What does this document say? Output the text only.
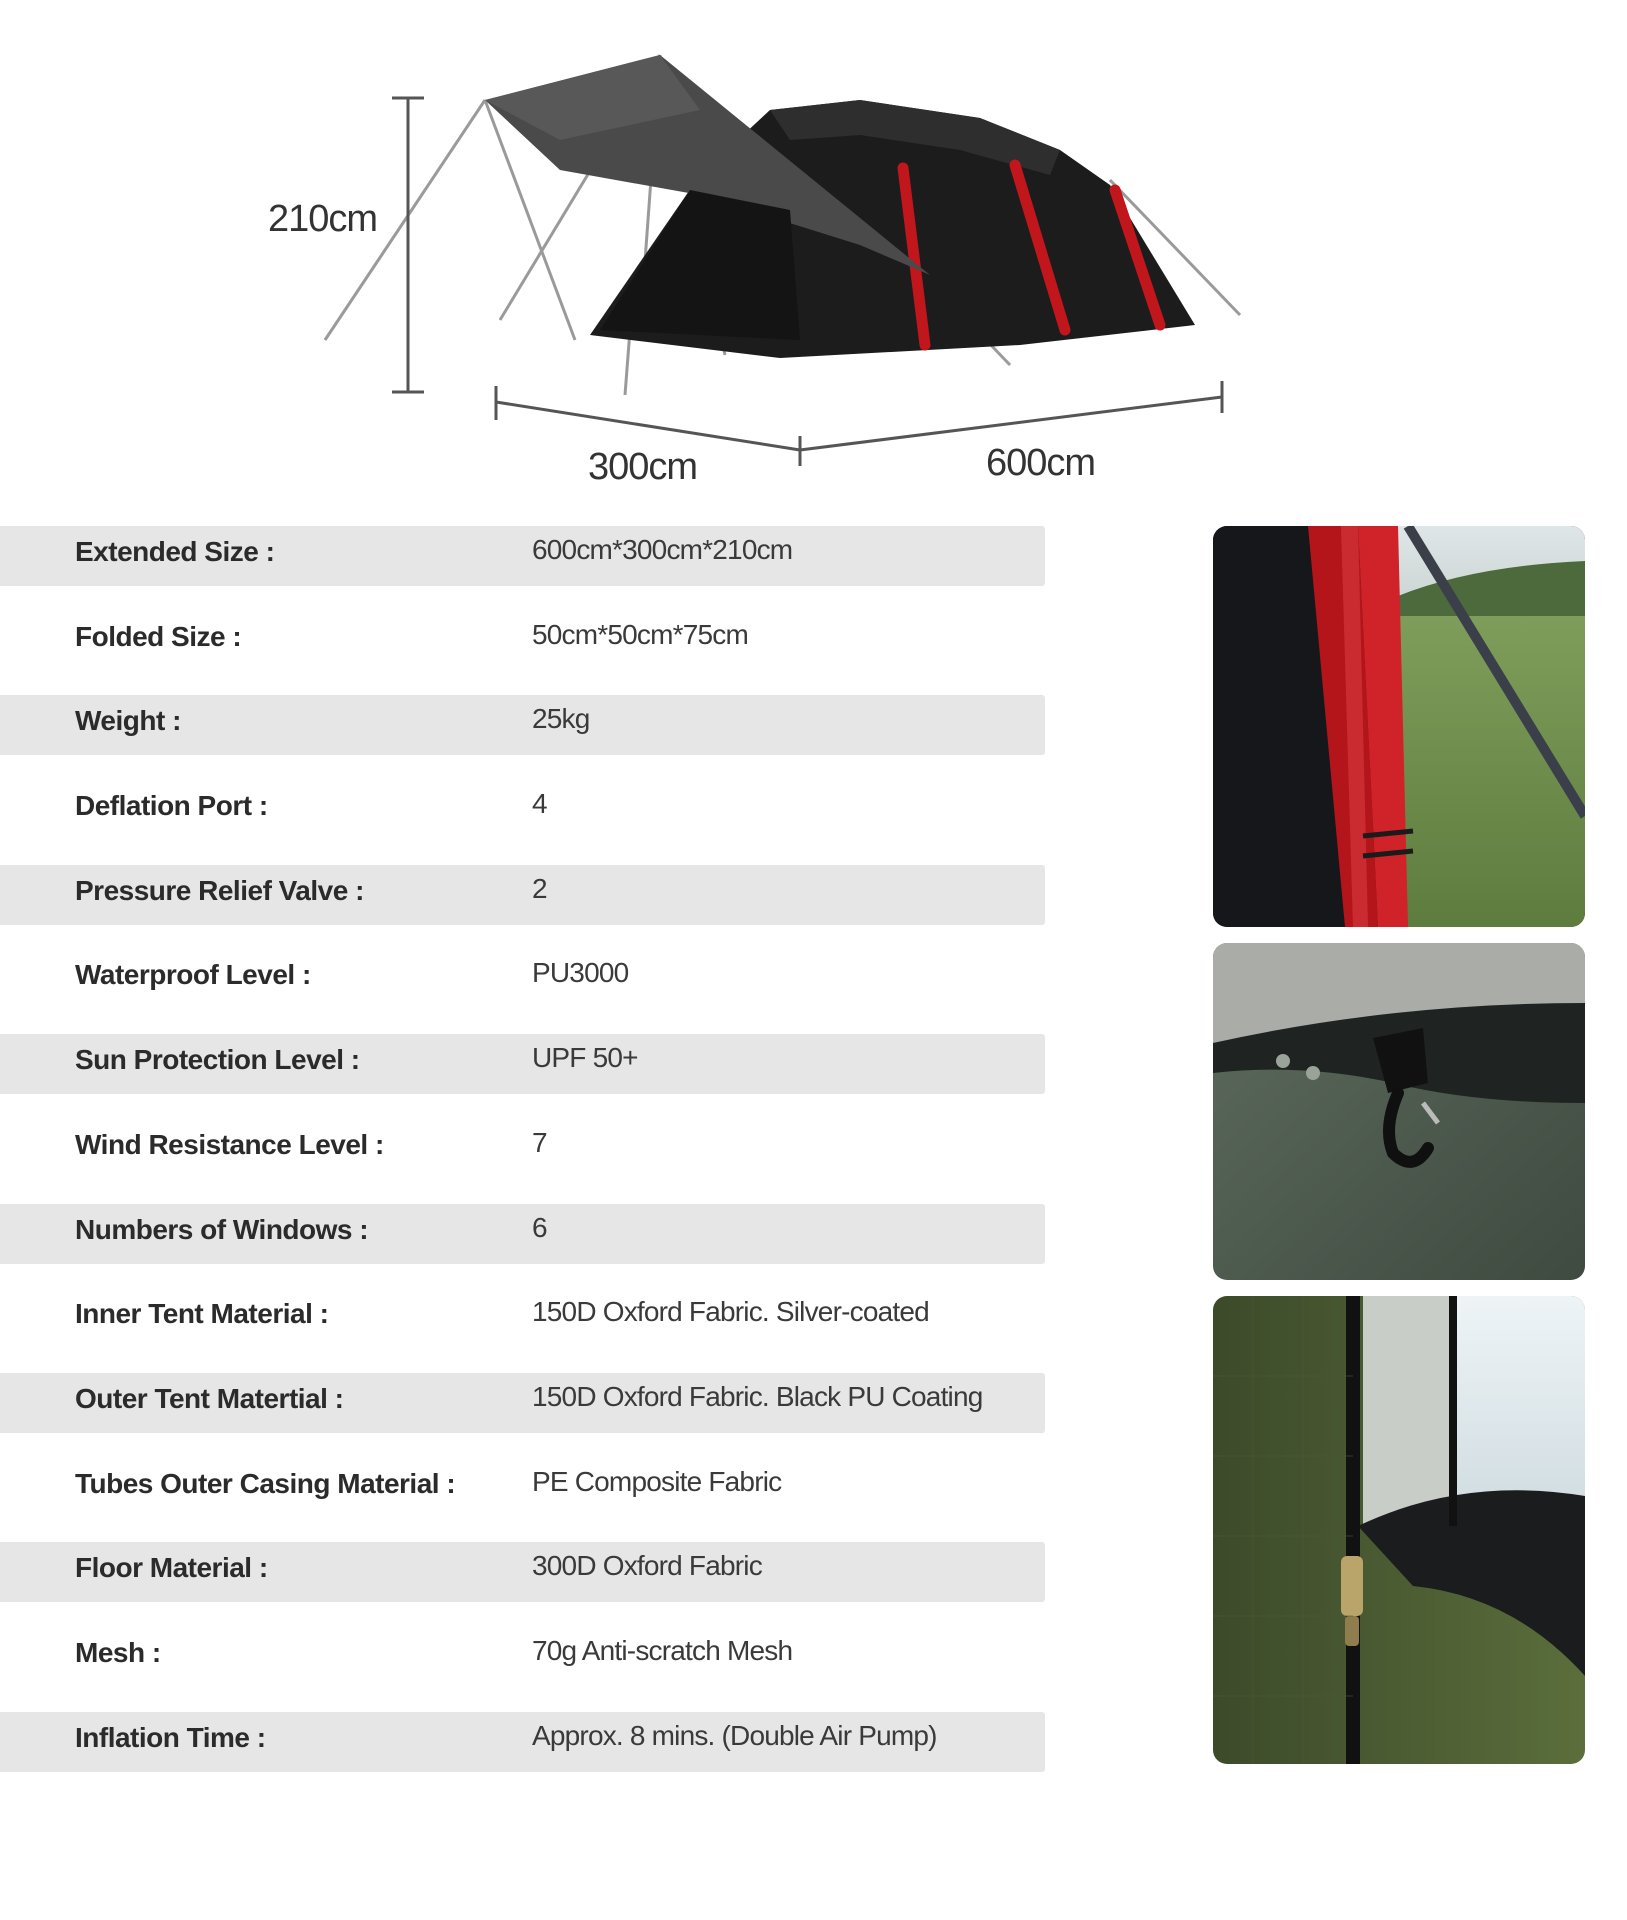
210cm
300cm	600cm
Extended Size :	600cm*300cm*210cm
Folded Size :	50cm*50cm*75cm
Weight :	25kg
Deflation Port :	4
Pressure Relief Valve :	2
Waterproof Level :	PU3000
Sun Protection Level :	UPF 50+
Wind Resistance Level :	7
Numbers of Windows :	6
Inner Tent Material :	150D Oxford Fabric. Silver-coated
Outer Tent Matertial :	150D Oxford Fabric. Black PU Coating
Tubes Outer Casing Material :	PE Composite Fabric
Floor Material :	300D Oxford Fabric
Mesh :	70g Anti-scratch Mesh
Inflation Time :	Approx. 8 mins. (Double Air Pump)
